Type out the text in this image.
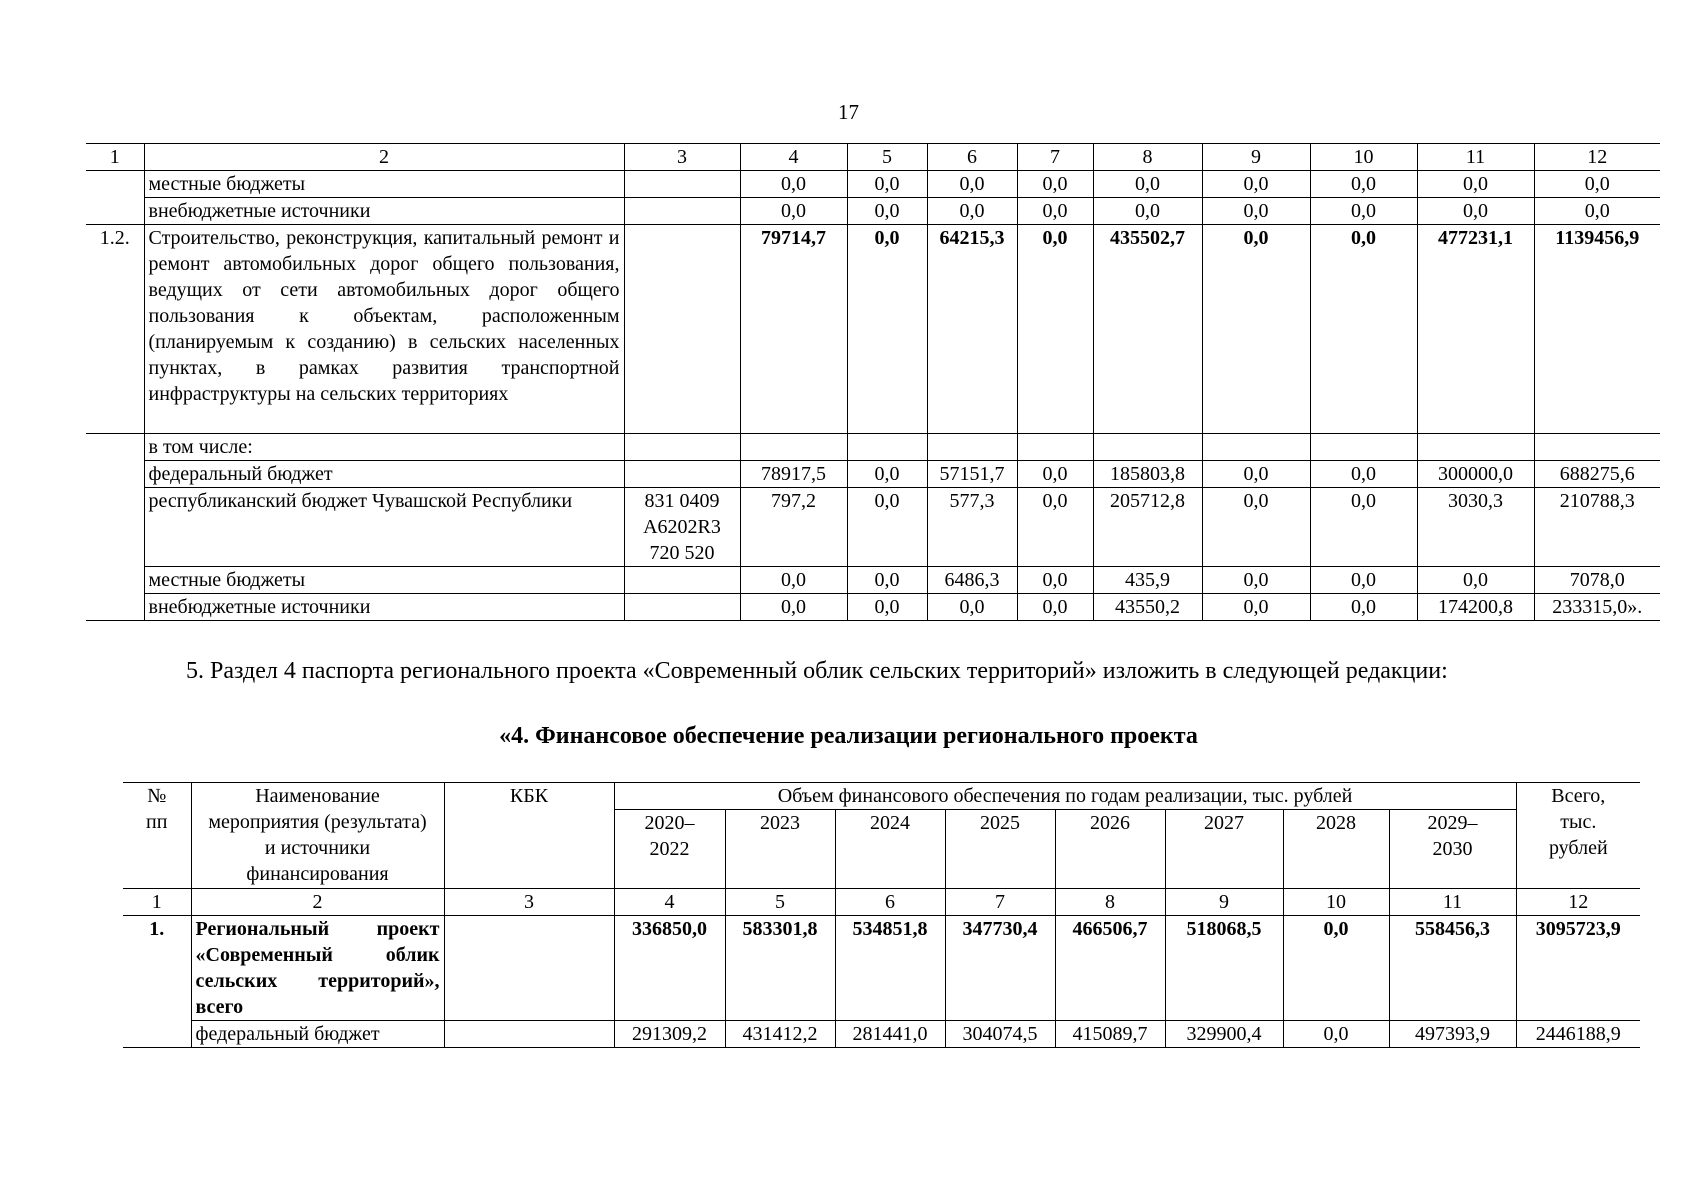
17
1	2	3	4	5	6	7	8	9	10	11	12
	местные бюджеты		0,0	0,0	0,0	0,0	0,0	0,0	0,0	0,0	0,0
	внебюджетные источники		0,0	0,0	0,0	0,0	0,0	0,0	0,0	0,0	0,0
1.2.	Строительство, реконструкция, капитальный ремонт и ремонт автомобильных дорог общего пользования, ведущих от сети автомобильных дорог общего пользования к объектам, расположенным (планируемым к созданию) в сельских населенных пунктах, в рамках развития транспортной инфраструктуры на сельских территориях		79714,7	0,0	64215,3	0,0	435502,7	0,0	0,0	477231,1	1139456,9
	в том числе:										
	федеральный бюджет		78917,5	0,0	57151,7	0,0	185803,8	0,0	0,0	300000,0	688275,6
	республиканский бюджет Чувашской Республики	831 0409 A6202R3 720 520	797,2	0,0	577,3	0,0	205712,8	0,0	0,0	3030,3	210788,3
	местные бюджеты		0,0	0,0	6486,3	0,0	435,9	0,0	0,0	0,0	7078,0
	внебюджетные источники		0,0	0,0	0,0	0,0	43550,2	0,0	0,0	174200,8	233315,0».
5. Раздел 4 паспорта регионального проекта «Современный облик сельских территорий» изложить в следующей редакции:
«4. Финансовое обеспечение реализации регионального проекта
№ пп	Наименование мероприятия (результата) и источники финансирования	КБК	Объем финансового обеспечения по годам реализации, тыс. рублей								Всего, тыс. рублей
			2020–2022	2023	2024	2025	2026	2027	2028	2029–2030	
1	2	3	4	5	6	7	8	9	10	11	12
1.	Региональный проект «Современный облик сельских территорий», всего		336850,0	583301,8	534851,8	347730,4	466506,7	518068,5	0,0	558456,3	3095723,9
	федеральный бюджет		291309,2	431412,2	281441,0	304074,5	415089,7	329900,4	0,0	497393,9	2446188,9
